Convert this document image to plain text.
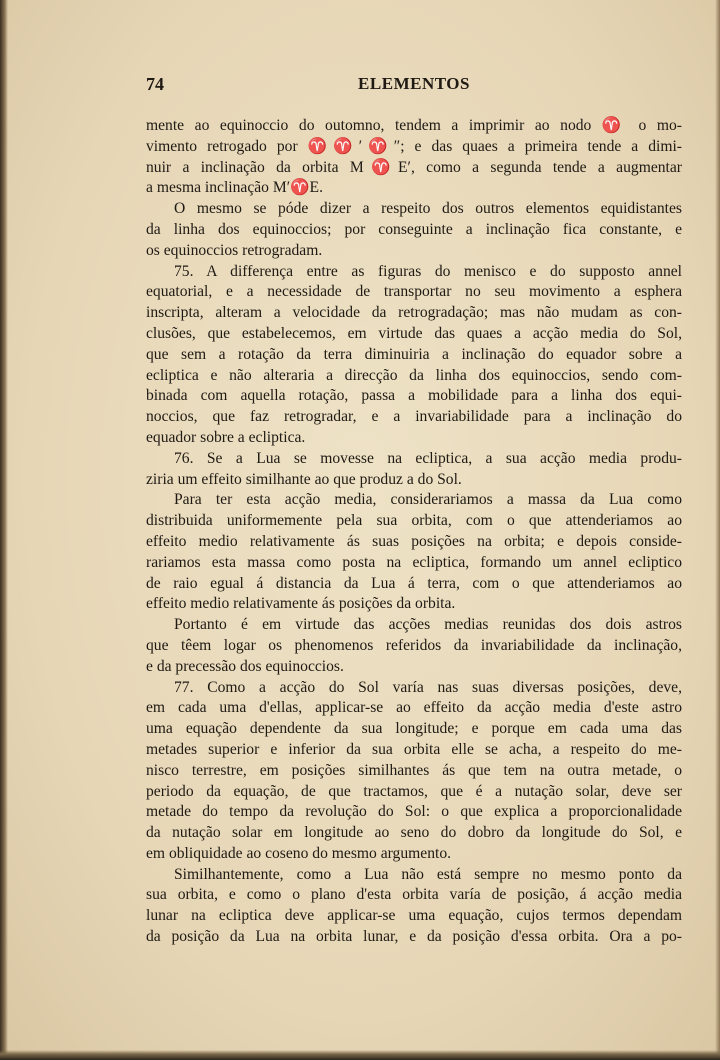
74	ELEMENTOS
mente ao equinoccio do outomno, tendem a imprimir ao nodo ♈ o mo-
vimento retrogado por ♈♈′♈″; e das quaes a primeira tende a dimi-
nuir a inclinação da orbita M♈E′, como a segunda tende a augmentar
a mesma inclinação M′♈E.
O mesmo se póde dizer a respeito dos outros elementos equidistantes
da linha dos equinoccios; por conseguinte a inclinação fica constante, e
os equinoccios retrogradam.
75. A differença entre as figuras do menisco e do supposto annel
equatorial, e a necessidade de transportar no seu movimento a esphera
inscripta, alteram a velocidade da retrogradação; mas não mudam as con-
clusões, que estabelecemos, em virtude das quaes a acção media do Sol,
que sem a rotação da terra diminuiria a inclinação do equador sobre a
ecliptica e não alteraria a direcção da linha dos equinoccios, sendo com-
binada com aquella rotação, passa a mobilidade para a linha dos equi-
noccios, que faz retrogradar, e a invariabilidade para a inclinação do
equador sobre a ecliptica.
76. Se a Lua se movesse na ecliptica, a sua acção media produ-
ziria um effeito similhante ao que produz a do Sol.
Para ter esta acção media, considerariamos a massa da Lua como
distribuida uniformemente pela sua orbita, com o que attenderiamos ao
effeito medio relativamente ás suas posições na orbita; e depois conside-
rariamos esta massa como posta na ecliptica, formando um annel ecliptico
de raio egual á distancia da Lua á terra, com o que attenderiamos ao
effeito medio relativamente ás posições da orbita.
Portanto é em virtude das acções medias reunidas dos dois astros
que têem logar os phenomenos referidos da invariabilidade da inclinação,
e da precessão dos equinoccios.
77. Como a acção do Sol varía nas suas diversas posições, deve,
em cada uma d'ellas, applicar-se ao effeito da acção media d'este astro
uma equação dependente da sua longitude; e porque em cada uma das
metades superior e inferior da sua orbita elle se acha, a respeito do me-
nisco terrestre, em posições similhantes ás que tem na outra metade, o
periodo da equação, de que tractamos, que é a nutação solar, deve ser
metade do tempo da revolução do Sol: o que explica a proporcionalidade
da nutação solar em longitude ao seno do dobro da longitude do Sol, e
em obliquidade ao coseno do mesmo argumento.
Similhantemente, como a Lua não está sempre no mesmo ponto da
sua orbita, e como o plano d'esta orbita varía de posição, á acção media
lunar na ecliptica deve applicar-se uma equação, cujos termos dependam
da posição da Lua na orbita lunar, e da posição d'essa orbita. Ora a po-
